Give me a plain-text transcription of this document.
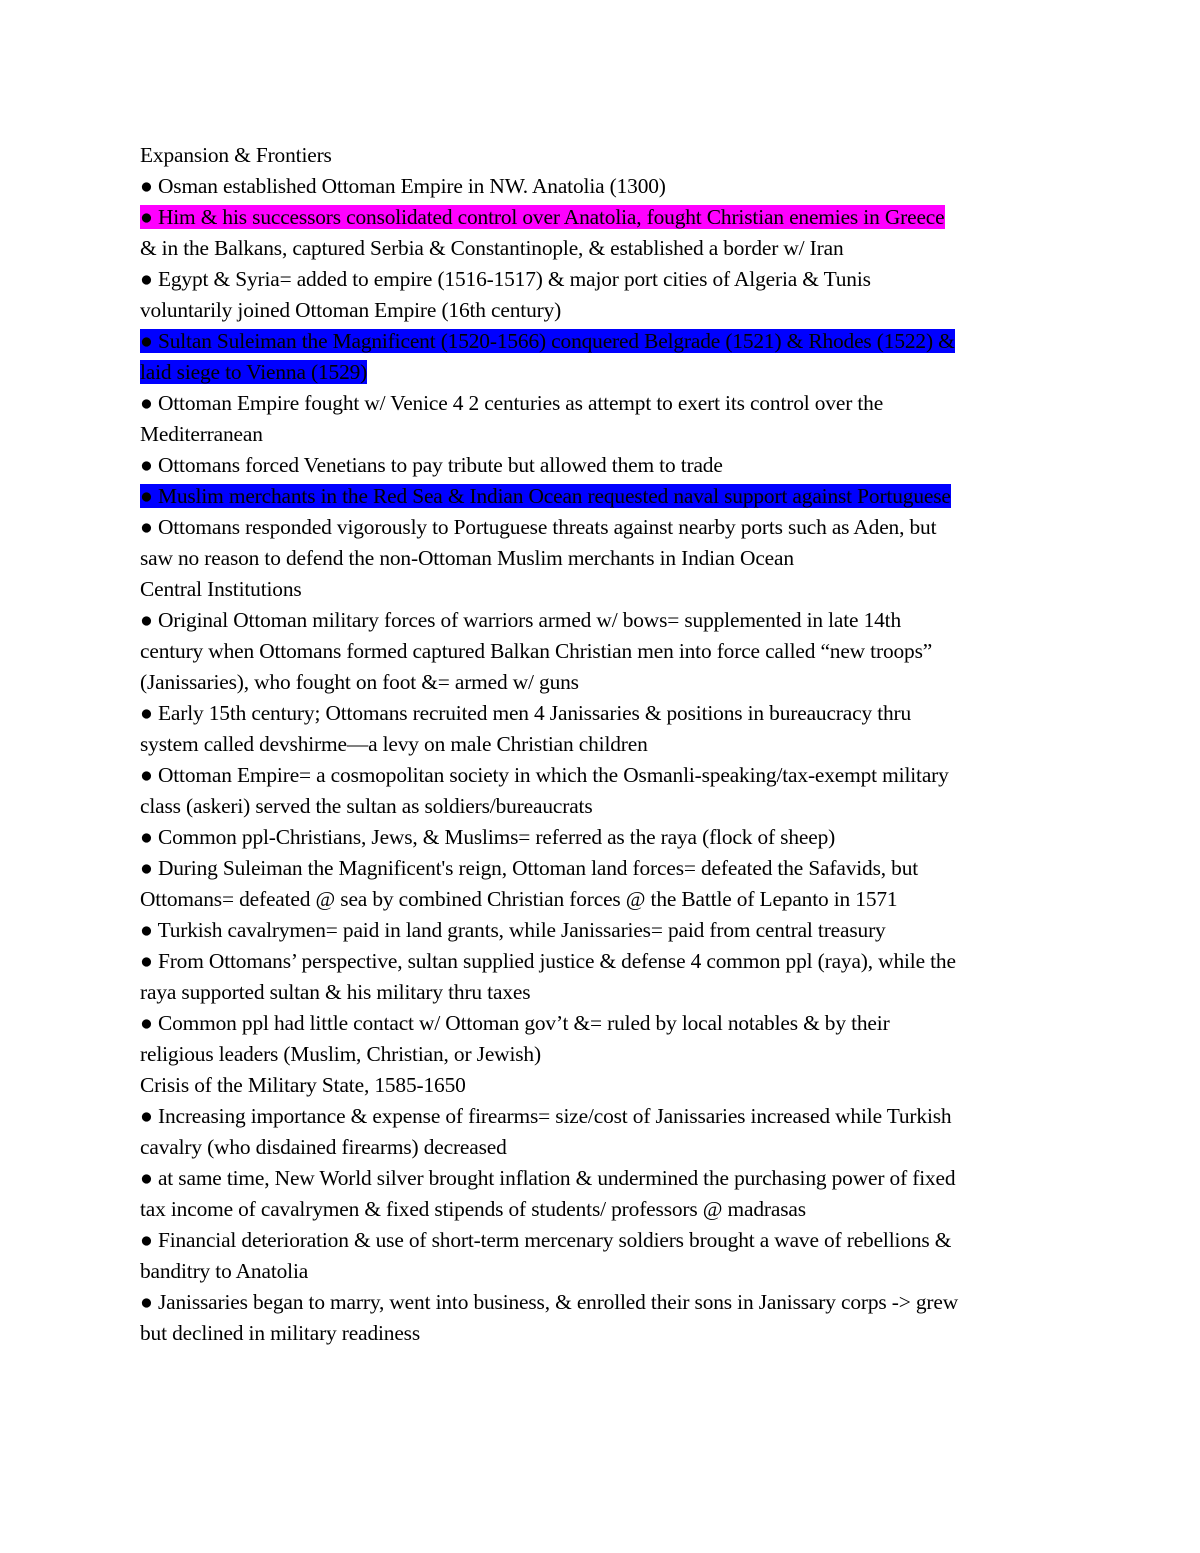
Expansion & Frontiers
● Osman established Ottoman Empire in NW. Anatolia (1300)
● Him & his successors consolidated control over Anatolia, fought Christian enemies in Greece
& in the Balkans, captured Serbia & Constantinople, & established a border w/ Iran
● Egypt & Syria= added to empire (1516-1517) & major port cities of Algeria & Tunis
voluntarily joined Ottoman Empire (16th century)
● Sultan Suleiman the Magnificent (1520-1566) conquered Belgrade (1521) & Rhodes (1522) &
laid siege to Vienna (1529)
● Ottoman Empire fought w/ Venice 4 2 centuries as attempt to exert its control over the
Mediterranean
● Ottomans forced Venetians to pay tribute but allowed them to trade
● Muslim merchants in the Red Sea & Indian Ocean requested naval support against Portuguese
● Ottomans responded vigorously to Portuguese threats against nearby ports such as Aden, but
saw no reason to defend the non-Ottoman Muslim merchants in Indian Ocean
Central Institutions
● Original Ottoman military forces of warriors armed w/ bows= supplemented in late 14th
century when Ottomans formed captured Balkan Christian men into force called “new troops”
(Janissaries), who fought on foot &= armed w/ guns
● Early 15th century; Ottomans recruited men 4 Janissaries & positions in bureaucracy thru
system called devshirme—a levy on male Christian children
● Ottoman Empire= a cosmopolitan society in which the Osmanli-speaking/tax-exempt military
class (askeri) served the sultan as soldiers/bureaucrats
● Common ppl-Christians, Jews, & Muslims= referred as the raya (flock of sheep)
● During Suleiman the Magnificent's reign, Ottoman land forces= defeated the Safavids, but
Ottomans= defeated @ sea by combined Christian forces @ the Battle of Lepanto in 1571
● Turkish cavalrymen= paid in land grants, while Janissaries= paid from central treasury
● From Ottomans’ perspective, sultan supplied justice & defense 4 common ppl (raya), while the
raya supported sultan & his military thru taxes
● Common ppl had little contact w/ Ottoman gov’t &= ruled by local notables & by their
religious leaders (Muslim, Christian, or Jewish)
Crisis of the Military State, 1585-1650
● Increasing importance & expense of firearms= size/cost of Janissaries increased while Turkish
cavalry (who disdained firearms) decreased
● at same time, New World silver brought inflation & undermined the purchasing power of fixed
tax income of cavalrymen & fixed stipends of students/ professors @ madrasas
● Financial deterioration & use of short-term mercenary soldiers brought a wave of rebellions &
banditry to Anatolia
● Janissaries began to marry, went into business, & enrolled their sons in Janissary corps -> grew
but declined in military readiness
